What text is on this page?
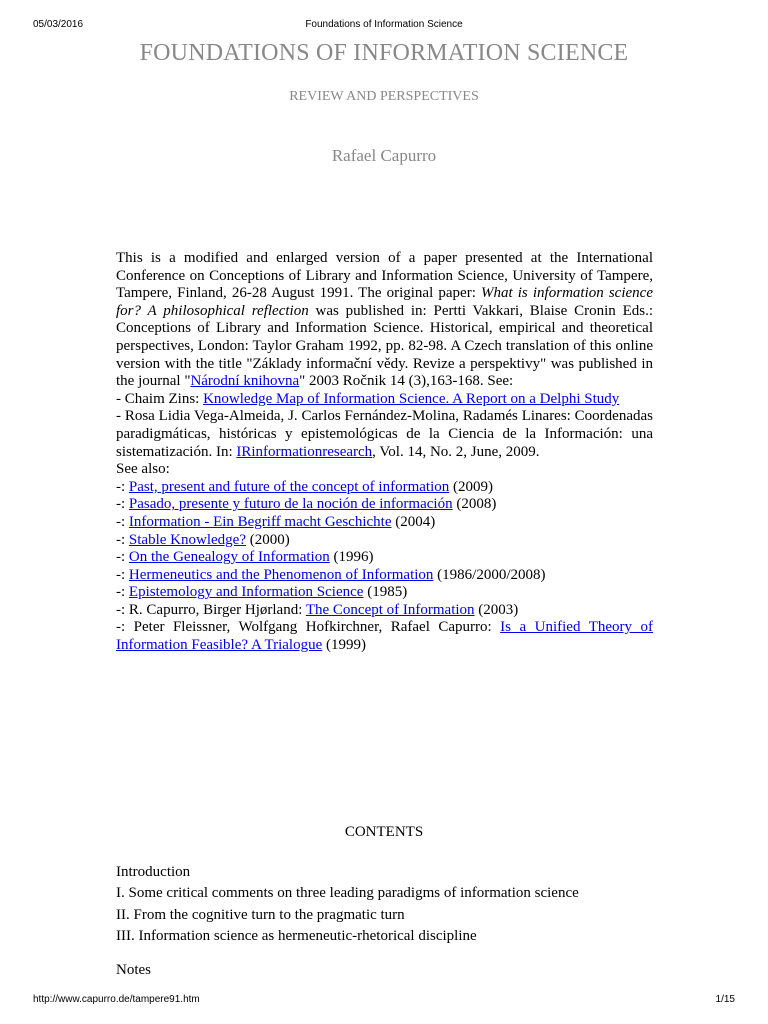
05/03/2016	Foundations of Information Science
FOUNDATIONS OF INFORMATION SCIENCE
REVIEW AND PERSPECTIVES
Rafael Capurro

This is a modified and enlarged version of a paper presented at the International Conference on Conceptions of Library and Information Science, University of Tampere, Tampere, Finland, 26-28 August 1991. The original paper: What is information science for? A philosophical reflection was published in: Pertti Vakkari, Blaise Cronin Eds.: Conceptions of Library and Information Science. Historical, empirical and theoretical perspectives, London: Taylor Graham 1992, pp. 82-98. A Czech translation of this online version with the title "Základy informační vědy. Revize a perspektivy" was published in the journal "Národní knihovna" 2003 Ročnik 14 (3),163-168. See:

- Chaim Zins: Knowledge Map of Information Science. A Report on a Delphi Study

- Rosa Lidia Vega-Almeida, J. Carlos Fernández-Molina, Radamés Linares: Coordenadas paradigmáticas, históricas y epistemológicas de la Ciencia de la Información: una sistematización. In: IRinformationresearch, Vol. 14, No. 2, June, 2009.

See also:

-: Past, present and future of the concept of information (2009)
-: Pasado, presente y futuro de la noción de información (2008)
-: Information - Ein Begriff macht Geschichte (2004)
-: Stable Knowledge? (2000)
-: On the Genealogy of Information (1996)
-: Hermeneutics and the Phenomenon of Information (1986/2000/2008)
-: Epistemology and Information Science (1985)
-: R. Capurro, Birger Hjørland: The Concept of Information (2003)
-: Peter Fleissner, Wolfgang Hofkirchner, Rafael Capurro: Is a Unified Theory of Information Feasible? A Trialogue (1999)
CONTENTS
Introduction
I. Some critical comments on three leading paradigms of information science
II. From the cognitive turn to the pragmatic turn
III. Information science as hermeneutic-rhetorical discipline
Notes
http://www.capurro.de/tampere91.htm	1/15
